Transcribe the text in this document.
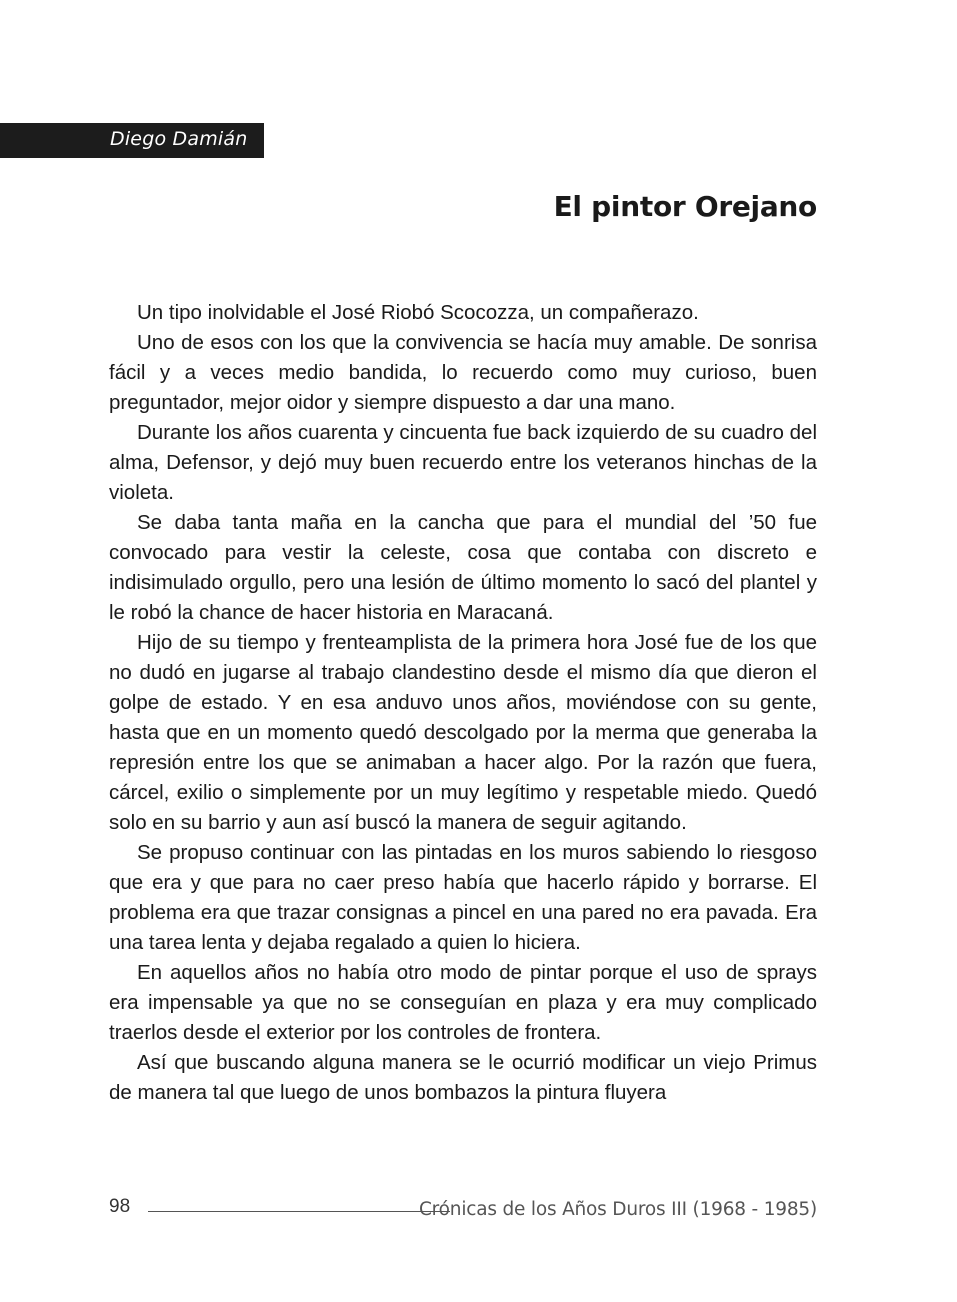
Diego Damián
El pintor Orejano

Un tipo inolvidable el José Riobó Scocozza, un compañerazo.

Uno de esos con los que la convivencia se hacía muy amable. De sonrisa fácil y a veces medio bandida, lo recuerdo como muy curioso, buen preguntador, mejor oidor y siempre dispuesto a dar una mano.

Durante los años cuarenta y cincuenta fue back izquierdo de su cuadro del alma, Defensor, y dejó muy buen recuerdo entre los veteranos hinchas de la violeta.

Se daba tanta maña en la cancha que para el mundial del ’50 fue convocado para vestir la celeste, cosa que contaba con discreto e indisimulado orgullo, pero una lesión de último momento lo sacó del plantel y le robó la chance de hacer historia en Maracaná.

Hijo de su tiempo y frenteamplista de la primera hora José fue de los que no dudó en jugarse al trabajo clandestino desde el mismo día que dieron el golpe de estado. Y en esa anduvo unos años, moviéndose con su gente, hasta que en un momento quedó descolgado por la merma que generaba la represión entre los que se animaban a hacer algo. Por la razón que fuera, cárcel, exilio o simplemente por un muy legítimo y respetable miedo. Quedó solo en su barrio y aun así buscó la manera de seguir agitando.

Se propuso continuar con las pintadas en los muros sabiendo lo riesgoso que era y que para no caer preso había que hacerlo rápido y borrarse. El problema era que trazar consignas a pincel en una pared no era pavada. Era una tarea lenta y dejaba regalado a quien lo hiciera.

En aquellos años no había otro modo de pintar porque el uso de sprays era impensable ya que no se conseguían en plaza y era muy complicado traerlos desde el exterior por los controles de frontera.

Así que buscando alguna manera se le ocurrió modificar un viejo Primus de manera tal que luego de unos bombazos la pintura fluyera

98	Crónicas de los Años Duros III (1968 - 1985)
